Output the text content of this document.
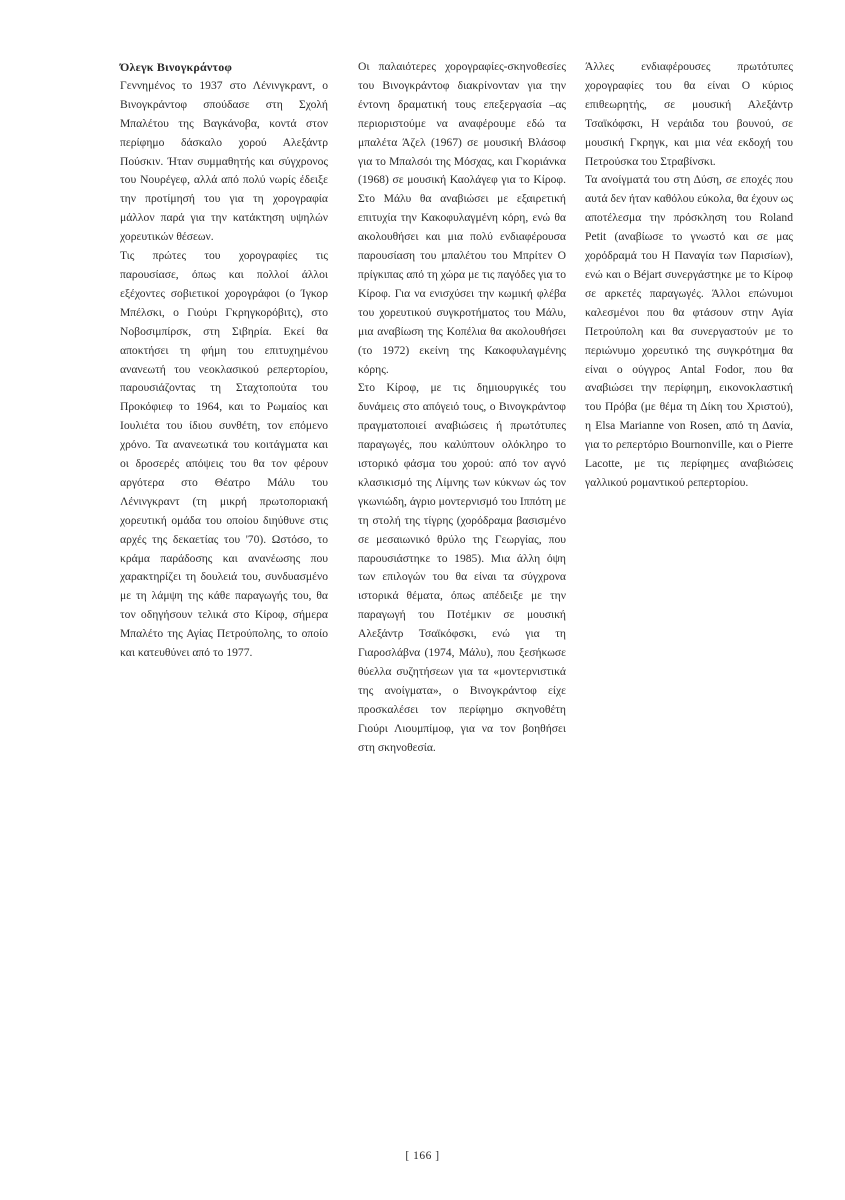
Όλεγκ Βινογκράντοφ

Γεννημένος το 1937 στο Λένινγκραντ, ο Βινογκράντοφ σπούδασε στη Σχολή Μπαλέτου της Βαγκάνοβα, κοντά στον περίφημο δάσκαλο χορού Αλεξάντρ Πούσκιν. Ήταν συμμαθητής και σύγχρονος του Νουρέγεφ, αλλά από πολύ νωρίς έδειξε την προτίμησή του για τη χορογραφία μάλλον παρά για την κατάκτηση υψηλών χορευτικών θέσεων.

Τις πρώτες του χορογραφίες τις παρουσίασε, όπως και πολλοί άλλοι εξέχοντες σοβιετικοί χορογράφοι (ο Ίγκορ Μπέλσκι, ο Γιούρι Γκρηγκορόβιτς), στο Νοβοσιμπίρσκ, στη Σιβηρία. Εκεί θα αποκτήσει τη φήμη του επιτυχημένου ανανεωτή του νεοκλασικού ρεπερτορίου, παρουσιάζοντας τη Σταχτοπούτα του Προκόφιεφ το 1964, και το Ρωμαίος και Ιουλιέτα του ίδιου συνθέτη, τον επόμενο χρόνο. Τα ανανεωτικά του κοιτάγματα και οι δροσερές απόψεις του θα τον φέρουν αργότερα στο Θέατρο Μάλυ του Λένινγκραντ (τη μικρή πρωτοποριακή χορευτική ομάδα του οποίου διηύθυνε στις αρχές της δεκαετίας του '70). Ωστόσο, το κράμα παράδοσης και ανανέωσης που χαρακτηρίζει τη δουλειά του, συνδυασμένο με τη λάμψη της κάθε παραγωγής του, θα τον οδηγήσουν τελικά στο Κίροφ, σήμερα Μπαλέτο της Αγίας Πετρούπολης, το οποίο και κατευθύνει από το 1977.

Οι παλαιότερες χορογραφίες-σκηνοθεσίες του Βινογκράντοφ διακρίνονταν για την έντονη δραματική τους επεξεργασία –ας περιοριστούμε να αναφέρουμε εδώ τα μπαλέτα Άζελ (1967) σε μουσική Βλάσοφ για το Μπαλσόι της Μόσχας, και Γκοριάνκα (1968) σε μουσική Καολάγεφ για το Κίροφ. Στο Μάλυ θα αναβιώσει με εξαιρετική επιτυχία την Κακοφυλαγμένη κόρη, ενώ θα ακολουθήσει και μια πολύ ενδιαφέρουσα παρουσίαση του μπαλέτου του Μπρίτεν Ο πρίγκιπας από τη χώρα με τις παγόδες για το Κίροφ. Για να ενισχύσει την κωμική φλέβα του χορευτικού συγκροτήματος του Μάλυ, μια αναβίωση της Κοπέλια θα ακολουθήσει (το 1972) εκείνη της Κακοφυλαγμένης κόρης.

Στο Κίροφ, με τις δημιουργικές του δυνάμεις στο απόγειό τους, ο Βινογκράντοφ πραγματοποιεί αναβιώσεις ή πρωτότυπες παραγωγές, που καλύπτουν ολόκληρο το ιστορικό φάσμα του χορού: από τον αγνό κλασικισμό της Λίμνης των κύκνων ώς τον γκωνιώδη, άγριο μοντερνισμό του Ιππότη με τη στολή της τίγρης (χορόδραμα βασισμένο σε μεσαιωνικό θρύλο της Γεωργίας, που παρουσιάστηκε το 1985). Μια άλλη όψη των επιλογών του θα είναι τα σύγχρονα ιστορικά θέματα, όπως απέδειξε με την παραγωγή του Ποτέμκιν σε μουσική Αλεξάντρ Τσαϊκόφσκι, ενώ για τη Γιαροσλάβνα (1974, Μάλυ), που ξεσήκωσε θύελλα συζητήσεων για τα «μοντερνιστικά της ανοίγματα», ο Βινογκράντοφ είχε προσκαλέσει τον περίφημο σκηνοθέτη Γιούρι Λιουμπίμοφ, για να τον βοηθήσει στη σκηνοθεσία.

Άλλες ενδιαφέρουσες πρωτότυπες χορογραφίες του θα είναι Ο κύριος επιθεωρητής, σε μουσική Αλεξάντρ Τσαϊκόφσκι, Η νεράιδα του βουνού, σε μουσική Γκρηγκ, και μια νέα εκδοχή του Πετρούσκα του Στραβίνσκι.

Τα ανοίγματά του στη Δύση, σε εποχές που αυτά δεν ήταν καθόλου εύκολα, θα έχουν ως αποτέλεσμα την πρόσκληση του Roland Petit (αναβίωσε το γνωστό και σε μας χορόδραμά του Η Παναγία των Παρισίων), ενώ και ο Béjart συνεργάστηκε με το Κίροφ σε αρκετές παραγωγές. Άλλοι επώνυμοι καλεσμένοι που θα φτάσουν στην Αγία Πετρούπολη και θα συνεργαστούν με το περιώνυμο χορευτικό της συγκρότημα θα είναι ο ούγγρος Antal Fodor, που θα αναβιώσει την περίφημη, εικονοκλαστική του Πρόβα (με θέμα τη Δίκη του Χριστού), η Elsa Marianne von Rosen, από τη Δανία, για το ρεπερτόριο Bournonville, και ο Pierre Lacotte, με τις περίφημες αναβιώσεις γαλλικού ρομαντικού ρεπερτορίου.

[ 166 ]
